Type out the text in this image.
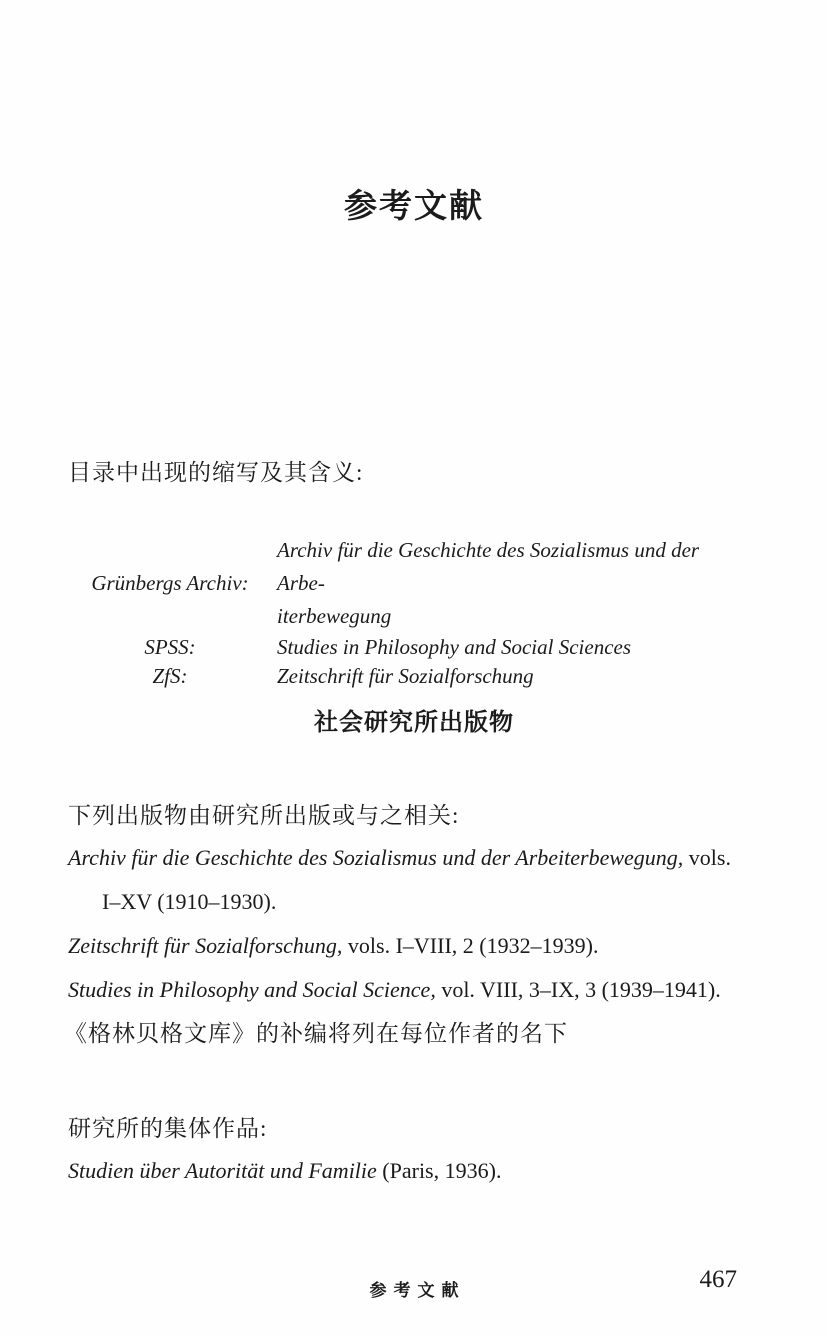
参考文献

目录中出现的缩写及其含义:

Grünbergs Archiv:
Archiv für die Geschichte des Sozialismus und der Arbe-
iterbewegung
SPSS:	Studies in Philosophy and Social Sciences
ZfS:	Zeitschrift für Sozialforschung
社会研究所出版物

下列出版物由研究所出版或与之相关:

Archiv für die Geschichte des Sozialismus und der Arbeiterbewegung, vols.

I–XV (1910–1930).

Zeitschrift für Sozialforschung, vols. I–VIII, 2 (1932–1939).

Studies in Philosophy and Social Science, vol. VIII, 3–IX, 3 (1939–1941).

《格林贝格文库》的补编将列在每位作者的名下

研究所的集体作品:

Studien über Autorität und Familie (Paris, 1936).

参考文献	467
